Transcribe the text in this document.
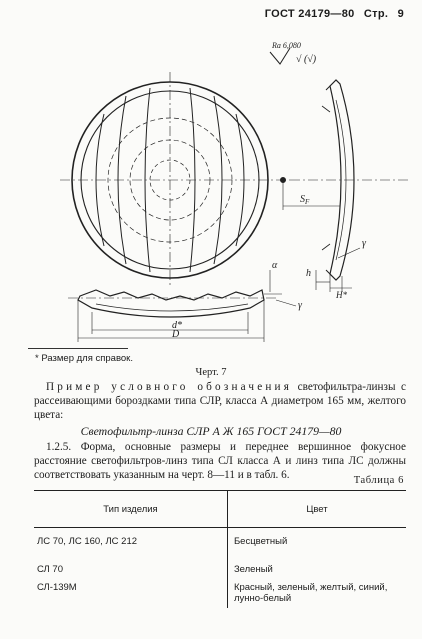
ГОСТ 24179—80 Стр. 9
Ra 6,080
√ (√)
$S_F$
h
H*
γ
d*
D
α
γ
* Размер для справок.
Черт. 7
Пример условного обозначения светофильтра-линзы с рассеивающими бороздками типа СЛР, класса А диаметром 165 мм, желтого цвета:
Светофильтр-линза СЛР А Ж 165 ГОСТ 24179—80
1.2.5. Форма, основные размеры и переднее вершинное фокусное расстояние светофильтров-линз типа СЛ класса А и линз типа ЛС должны соответствовать указанным на черт. 8—11 и в табл. 6.	Таблица 6
Тип изделия	Цвет
ЛС 70, ЛС 160, ЛС 212	Бесцветный
СЛ 70	Зеленый
СЛ-139М	Красный, зеленый, желтый, синий,
лунно-белый
